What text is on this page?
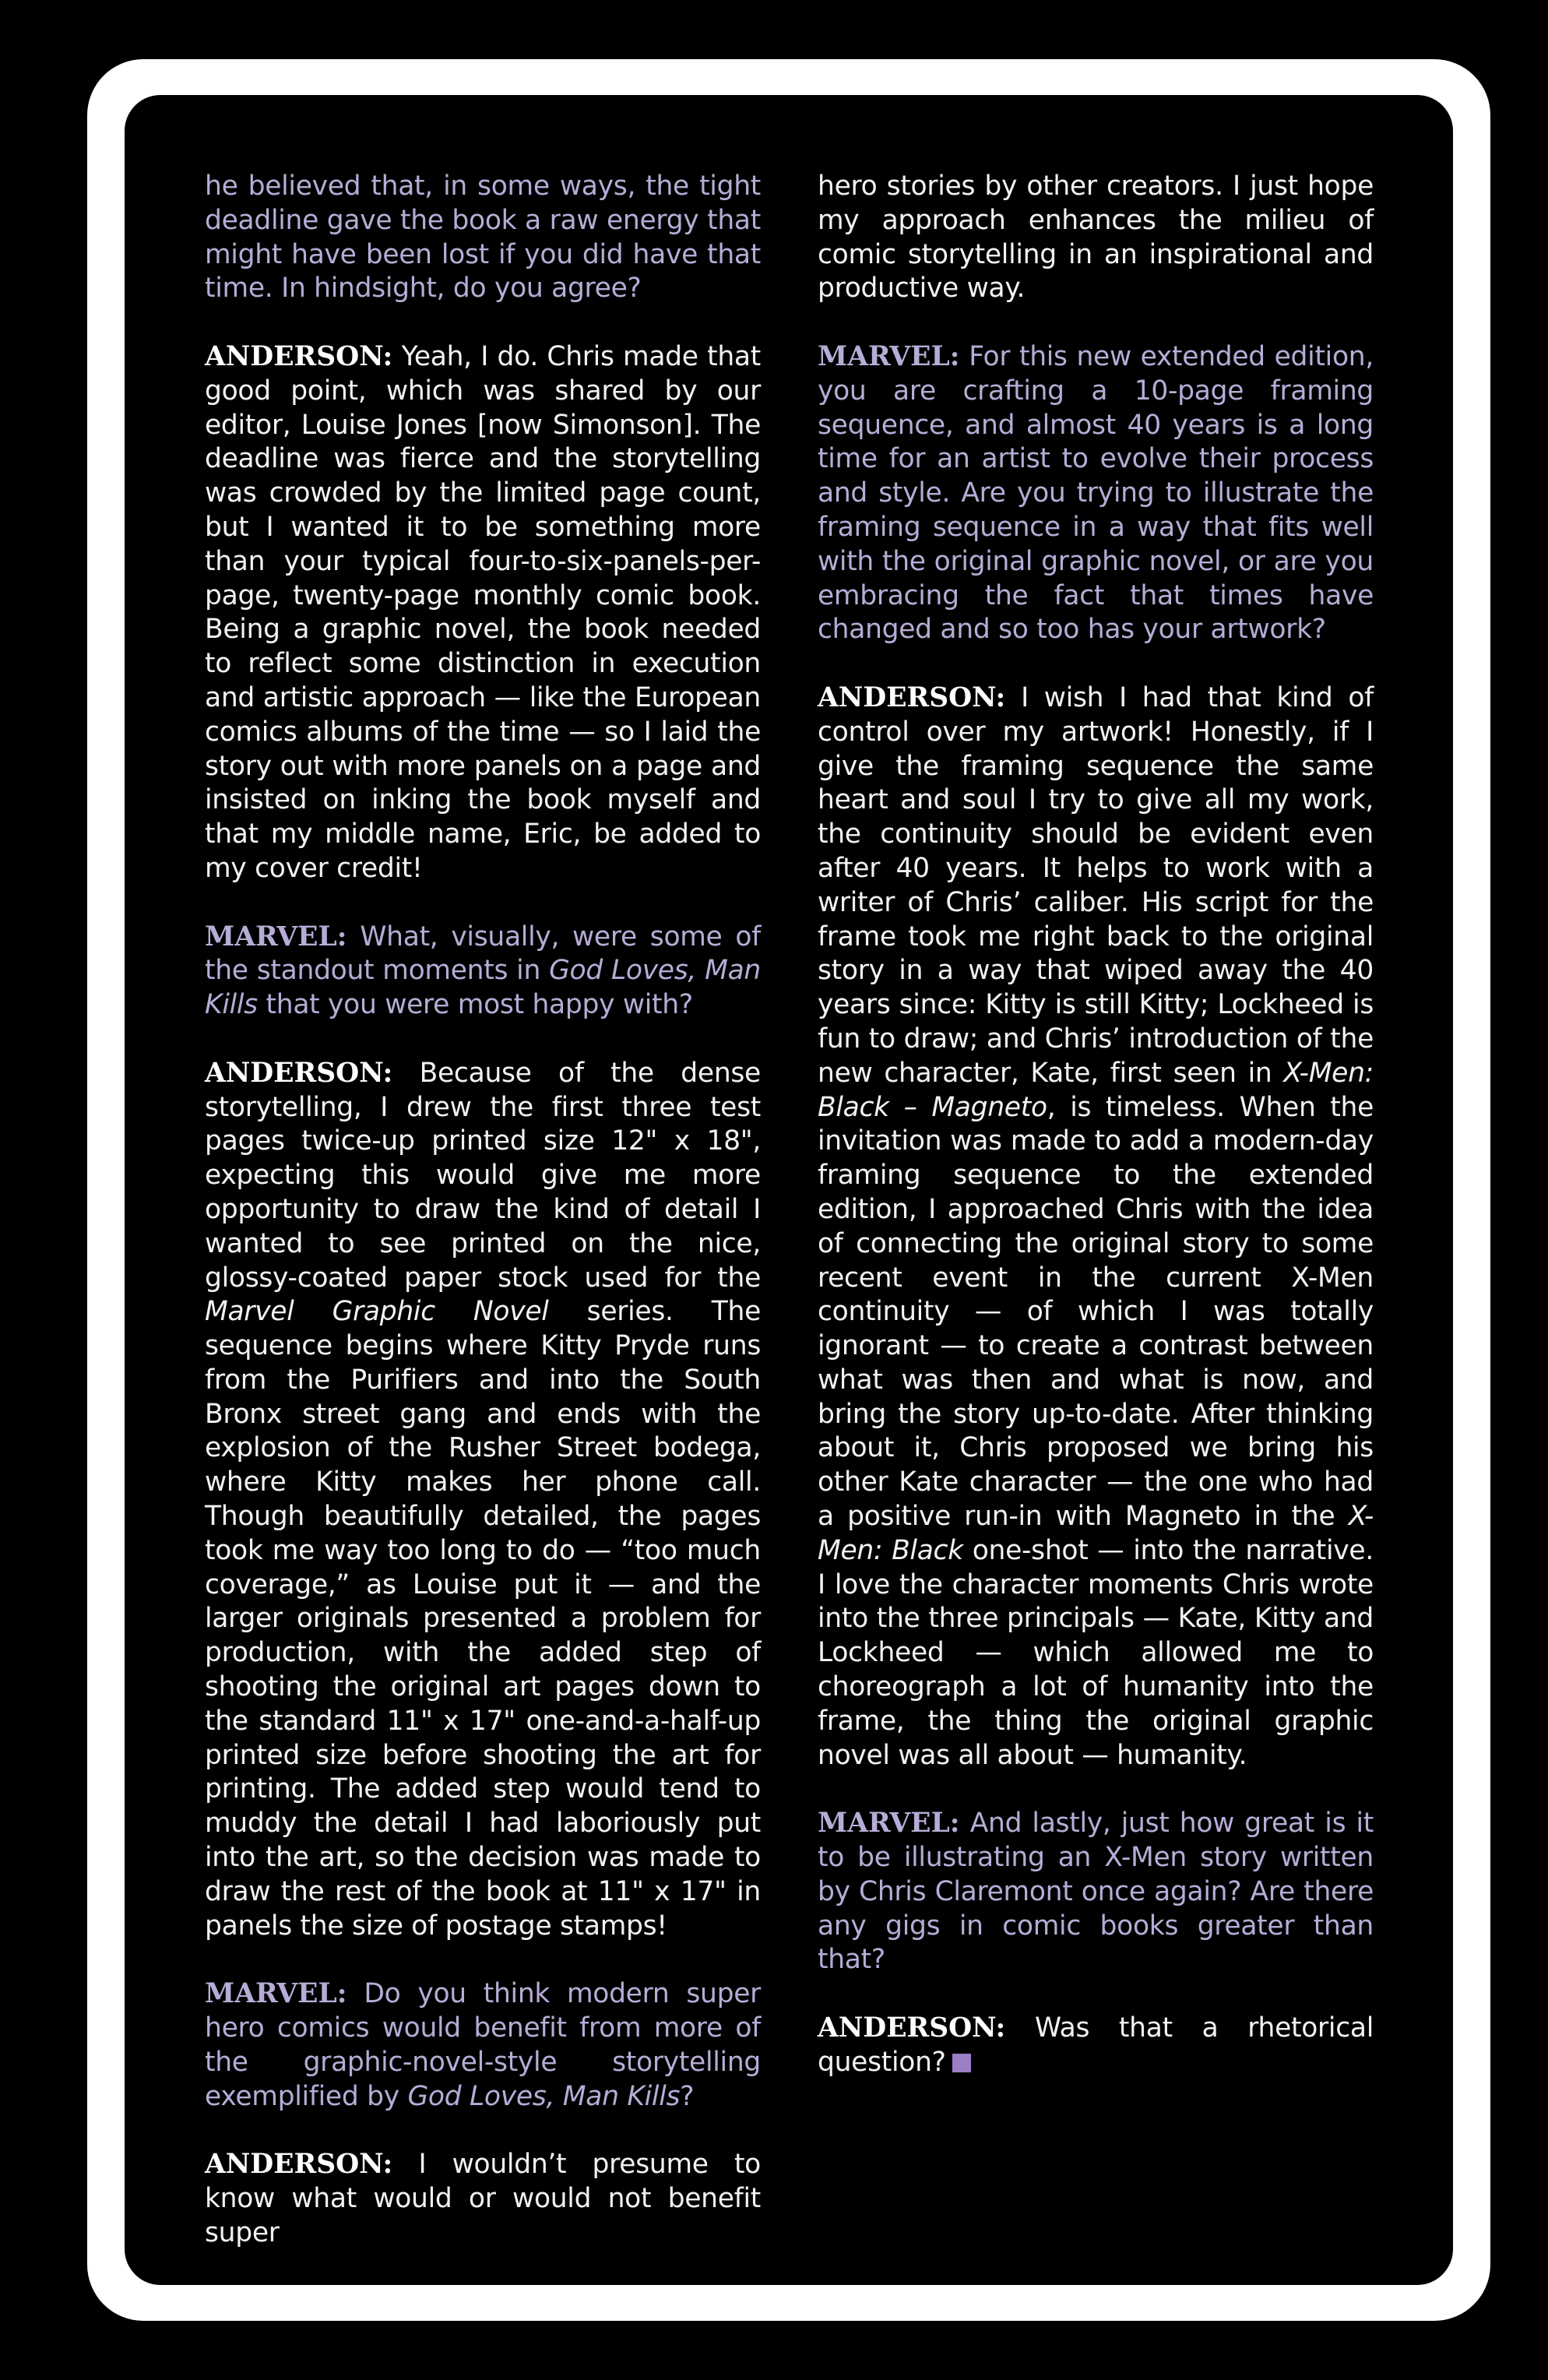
he believed that, in some ways, the tight deadline gave the book a raw energy that might have been lost if you did have that time. In hindsight, do you agree?

ANDERSON: Yeah, I do. Chris made that good point, which was shared by our editor, Louise Jones [now Simonson]. The deadline was fierce and the storytelling was crowded by the limited page count, but I wanted it to be something more than your typical four-to-six-panels-per-page, twenty-page monthly comic book. Being a graphic novel, the book needed to reflect some distinction in execution and artistic approach — like the European comics albums of the time — so I laid the story out with more panels on a page and insisted on inking the book myself and that my middle name, Eric, be added to my cover credit!

MARVEL: What, visually, were some of the standout moments in God Loves, Man Kills that you were most happy with?

ANDERSON: Because of the dense storytelling, I drew the first three test pages twice-up printed size 12" x 18", expecting this would give me more opportunity to draw the kind of detail I wanted to see printed on the nice, glossy-coated paper stock used for the Marvel Graphic Novel series. The sequence begins where Kitty Pryde runs from the Purifiers and into the South Bronx street gang and ends with the explosion of the Rusher Street bodega, where Kitty makes her phone call. Though beautifully detailed, the pages took me way too long to do — “too much coverage,” as Louise put it — and the larger originals presented a problem for production, with the added step of shooting the original art pages down to the standard 11" x 17" one-and-a-half-up printed size before shooting the art for printing. The added step would tend to muddy the detail I had laboriously put into the art, so the decision was made to draw the rest of the book at 11" x 17" in panels the size of postage stamps!

MARVEL: Do you think modern super hero comics would benefit from more of the graphic-novel-style storytelling exemplified by God Loves, Man Kills?

ANDERSON: I wouldn’t presume to know what would or would not benefit super

hero stories by other creators. I just hope my approach enhances the milieu of comic storytelling in an inspirational and productive way.

MARVEL: For this new extended edition, you are crafting a 10-page framing sequence, and almost 40 years is a long time for an artist to evolve their process and style. Are you trying to illustrate the framing sequence in a way that fits well with the original graphic novel, or are you embracing the fact that times have changed and so too has your artwork?

ANDERSON: I wish I had that kind of control over my artwork! Honestly, if I give the framing sequence the same heart and soul I try to give all my work, the continuity should be evident even after 40 years. It helps to work with a writer of Chris’ caliber. His script for the frame took me right back to the original story in a way that wiped away the 40 years since: Kitty is still Kitty; Lockheed is fun to draw; and Chris’ introduction of the new character, Kate, first seen in X-Men: Black – Magneto, is timeless. When the invitation was made to add a modern-day framing sequence to the extended edition, I approached Chris with the idea of connecting the original story to some recent event in the current X-Men continuity — of which I was totally ignorant — to create a contrast between what was then and what is now, and bring the story up-to-date. After thinking about it, Chris proposed we bring his other Kate character — the one who had a positive run-in with Magneto in the X-Men: Black one-shot — into the narrative. I love the character moments Chris wrote into the three principals — Kate, Kitty and Lockheed — which allowed me to choreograph a lot of humanity into the frame, the thing the original graphic novel was all about — humanity.

MARVEL: And lastly, just how great is it to be illustrating an X-Men story written by Chris Claremont once again? Are there any gigs in comic books greater than that?

ANDERSON: Was that a rhetorical question?
